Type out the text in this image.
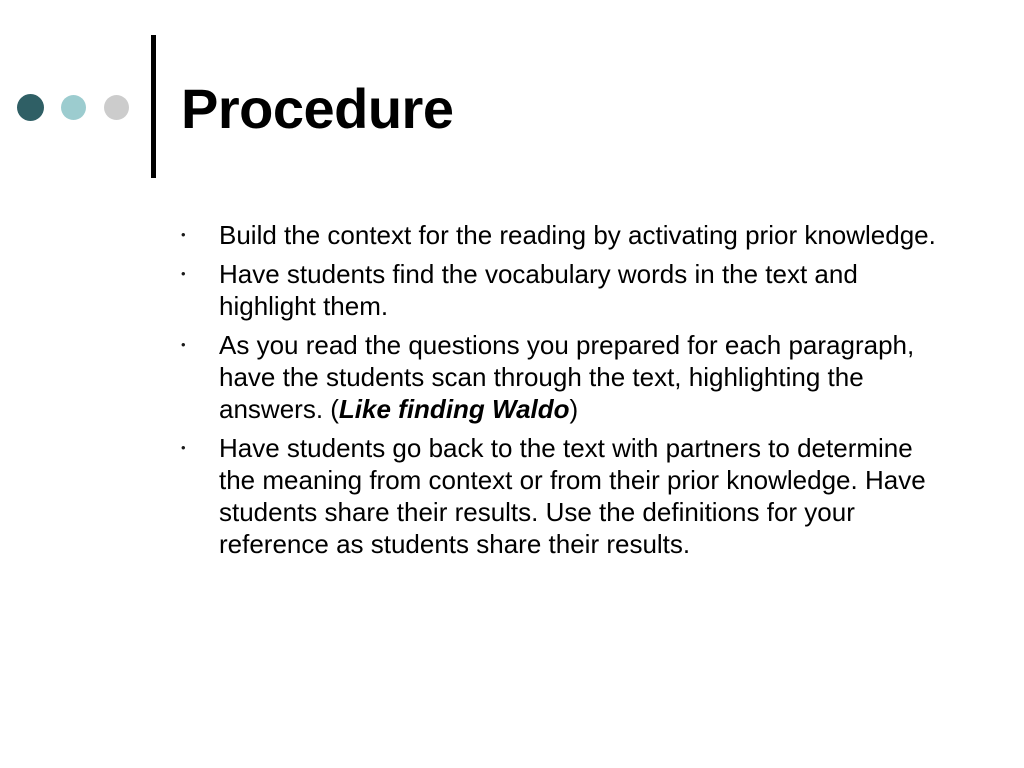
Procedure
• Build the context for the reading by activating prior knowledge.
• Have students find the vocabulary words in the text and highlight them.
• As you read the questions you prepared for each paragraph, have the students scan through the text, highlighting the answers. (Like finding Waldo)
• Have students go back to the text with partners to determine the meaning from context or from their prior knowledge. Have students share their results. Use the definitions for your reference as students share their results.
